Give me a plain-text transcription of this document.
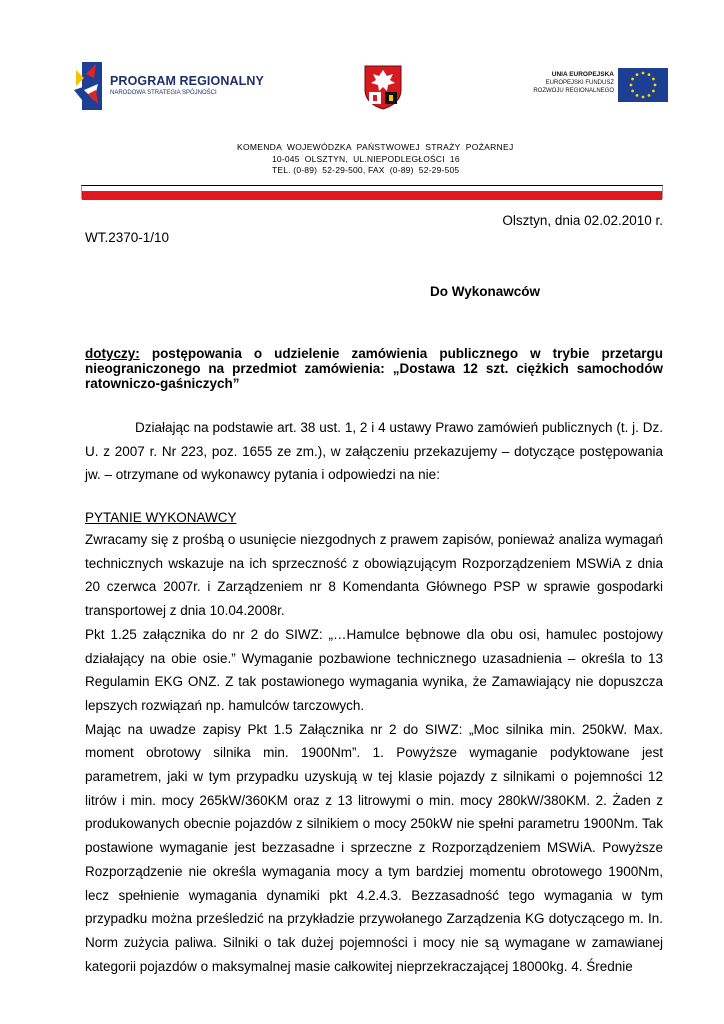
PROGRAM REGIONALNY
NARODOWA STRATEGIA SPÓJNOŚCI
UNIA EUROPEJSKA
EUROPEJSKI FUNDUSZ
ROZWOJU REGIONALNEGO
KOMENDA  WOJEWÓDZKA  PAŃSTWOWEJ  STRAŻY  POŻARNEJ
10-045  OLSZTYN,  UL.NIEPODLEGŁOŚCI  16
TEL. (0-89)  52-29-500, FAX  (0-89)  52-29-505
Olsztyn, dnia 02.02.2010 r.
WT.2370-1/10
Do Wykonawców
dotyczy: postępowania o udzielenie zamówienia publicznego w trybie przetargu nieograniczonego na przedmiot zamówienia: „Dostawa 12 szt. ciężkich samochodów ratowniczo-gaśniczych”
Działając na podstawie art. 38 ust. 1, 2 i 4 ustawy Prawo zamówień publicznych (t. j. Dz. U. z 2007 r. Nr 223, poz. 1655 ze zm.), w załączeniu przekazujemy – dotyczące postępowania jw. – otrzymane od wykonawcy pytania i odpowiedzi na nie:
PYTANIE WYKONAWCY

Zwracamy się z prośbą o usunięcie niezgodnych z prawem zapisów, ponieważ analiza wymagań technicznych wskazuje na ich sprzeczność z obowiązującym Rozporządzeniem MSWiA z dnia 20 czerwca 2007r. i Zarządzeniem nr 8 Komendanta Głównego PSP w sprawie gospodarki transportowej z dnia 10.04.2008r.

Pkt 1.25 załącznika do nr 2 do SIWZ: „…Hamulce bębnowe dla obu osi, hamulec postojowy działający na obie osie.” Wymaganie pozbawione technicznego uzasadnienia – określa to 13 Regulamin EKG ONZ. Z tak postawionego wymagania wynika, że Zamawiający nie dopuszcza lepszych rozwiązań np. hamulców tarczowych.

Mając na uwadze zapisy Pkt 1.5 Załącznika nr 2 do SIWZ: „Moc silnika min. 250kW. Max. moment obrotowy silnika min. 1900Nm”. 1. Powyższe wymaganie podyktowane jest parametrem, jaki w tym przypadku uzyskują w tej klasie pojazdy z silnikami o pojemności 12 litrów i min. mocy 265kW/360KM oraz z 13 litrowymi o min. mocy 280kW/380KM. 2. Żaden z produkowanych obecnie pojazdów z silnikiem o mocy 250kW nie spełni parametru 1900Nm. Tak postawione wymaganie jest bezzasadne i sprzeczne z Rozporządzeniem MSWiA. Powyższe Rozporządzenie nie określa wymagania mocy a tym bardziej momentu obrotowego 1900Nm, lecz spełnienie wymagania dynamiki pkt 4.2.4.3. Bezzasadność tego wymagania w tym przypadku można prześledzić na przykładzie przywołanego Zarządzenia KG dotyczącego m. In. Norm zużycia paliwa. Silniki o tak dużej pojemności i mocy nie są wymagane w zamawianej kategorii pojazdów o maksymalnej masie całkowitej nieprzekraczającej 18000kg. 4. Średnie
